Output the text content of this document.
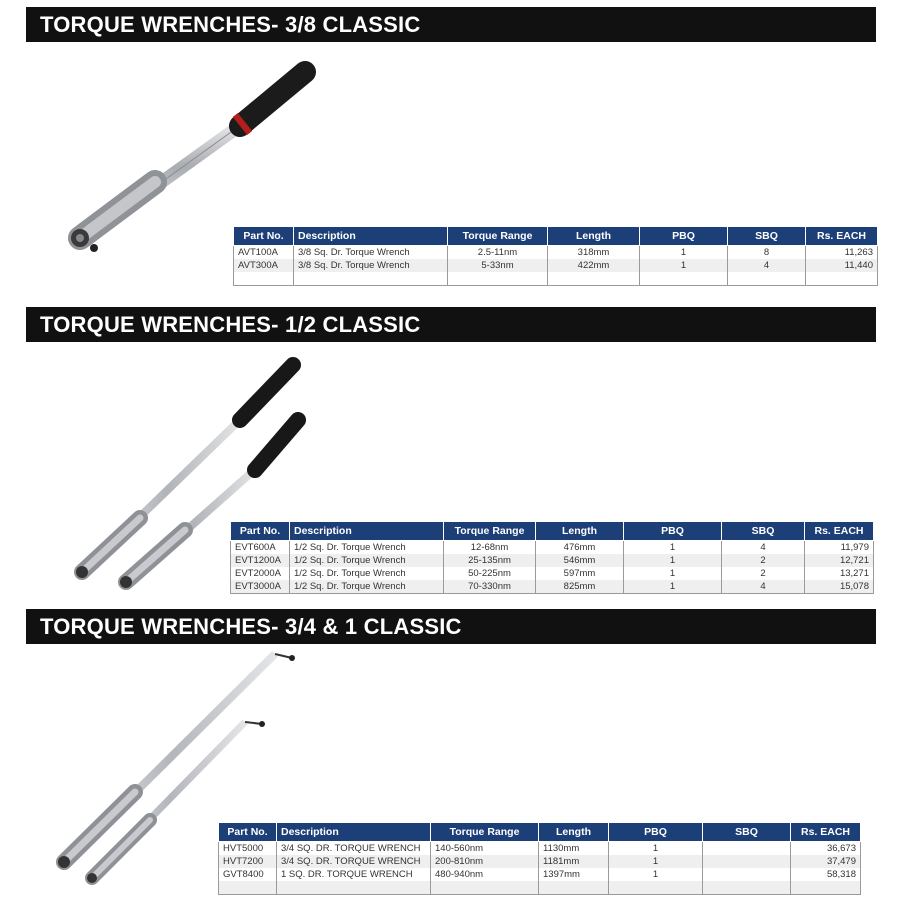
TORQUE WRENCHES- 3/8 CLASSIC
Part No.	Description	Torque Range	Length	PBQ	SBQ	Rs. EACH
AVT100A	3/8 Sq. Dr. Torque Wrench	2.5-11nm	318mm	1	8	11,263
AVT300A	3/8 Sq. Dr. Torque Wrench	5-33nm	422mm	1	4	11,440

TORQUE WRENCHES- 1/2 CLASSIC
Part No.	Description	Torque Range	Length	PBQ	SBQ	Rs. EACH
EVT600A	1/2 Sq. Dr. Torque Wrench	12-68nm	476mm	1	4	11,979
EVT1200A	1/2 Sq. Dr. Torque Wrench	25-135nm	546mm	1	2	12,721
EVT2000A	1/2 Sq. Dr. Torque Wrench	50-225nm	597mm	1	2	13,271
EVT3000A	1/2 Sq. Dr. Torque Wrench	70-330nm	825mm	1	4	15,078
TORQUE WRENCHES- 3/4 & 1 CLASSIC
Part No.	Description	Torque Range	Length	PBQ	SBQ	Rs. EACH
HVT5000	3/4 SQ. DR. TORQUE WRENCH	140-560nm	1130mm	1		36,673
HVT7200	3/4 SQ. DR. TORQUE WRENCH	200-810nm	1181mm	1		37,479
GVT8400	1 SQ. DR. TORQUE WRENCH	480-940nm	1397mm	1		58,318
